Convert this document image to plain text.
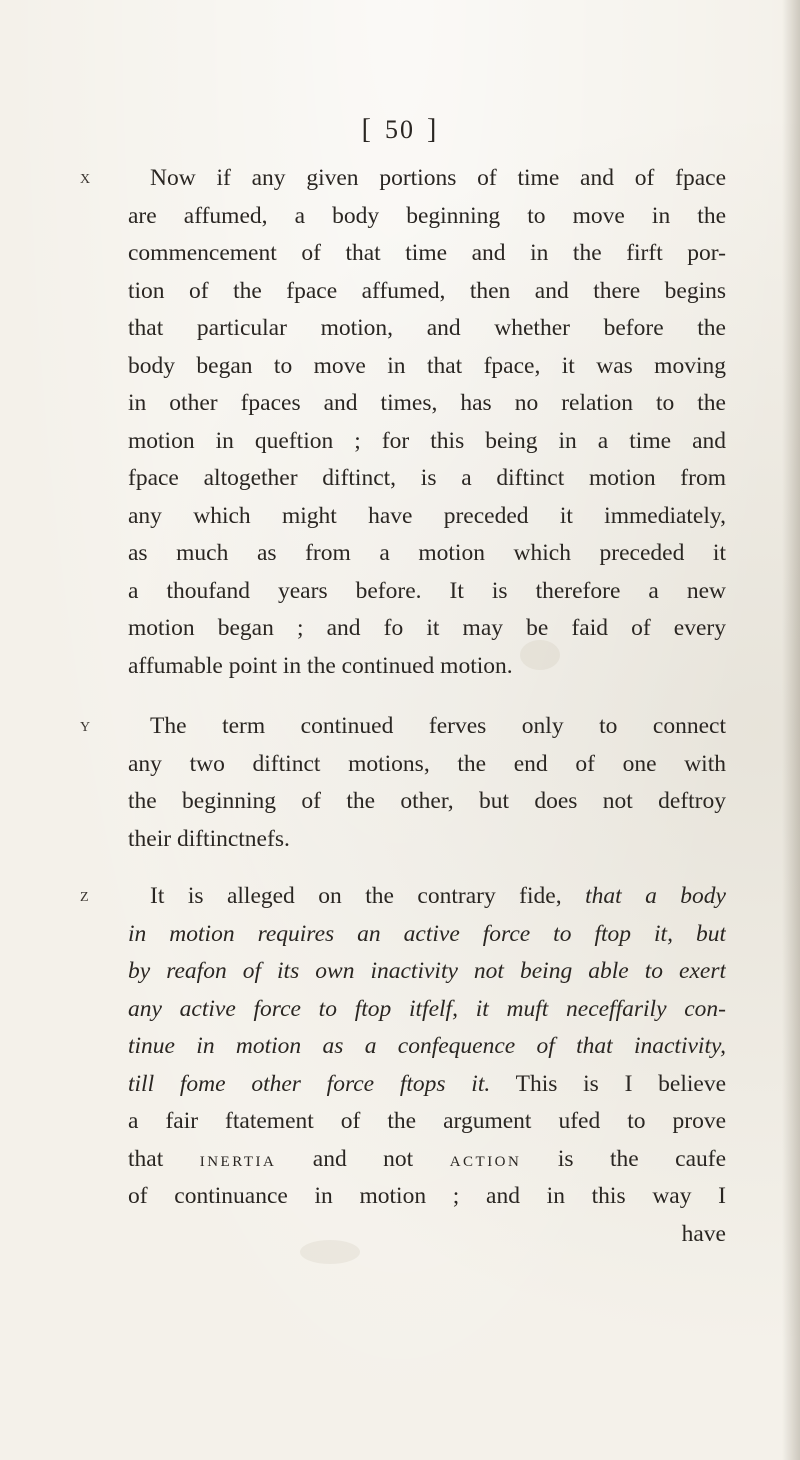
[ 50 ]
X	Now if any given portions of time and of fpace
are affumed, a body beginning to move in the
commencement of that time and in the firft por-
tion of the fpace affumed, then and there begins
that particular motion, and whether before the
body began to move in that fpace, it was moving
in other fpaces and times, has no relation to the
motion in queftion ; for this being in a time and
fpace altogether diftinct, is a diftinct motion from
any which might have preceded it immediately,
as much as from a motion which preceded it
a thoufand years before. It is therefore a new
motion began ; and fo it may be faid of every
affumable point in the continued motion.
Y	The term continued ferves only to connect
any two diftinct motions, the end of one with
the beginning of the other, but does not deftroy
their diftinctnefs.
Z	It is alleged on the contrary fide, that a body
in motion requires an active force to ftop it, but
by reafon of its own inactivity not being able to exert
any active force to ftop itfelf, it muft neceffarily con-
tinue in motion as a confequence of that inactivity,
till fome other force ftops it. This is I believe
a fair ftatement of the argument ufed to prove
that INERTIA and not ACTION is the caufe
of continuance in motion ; and in this way I
have
